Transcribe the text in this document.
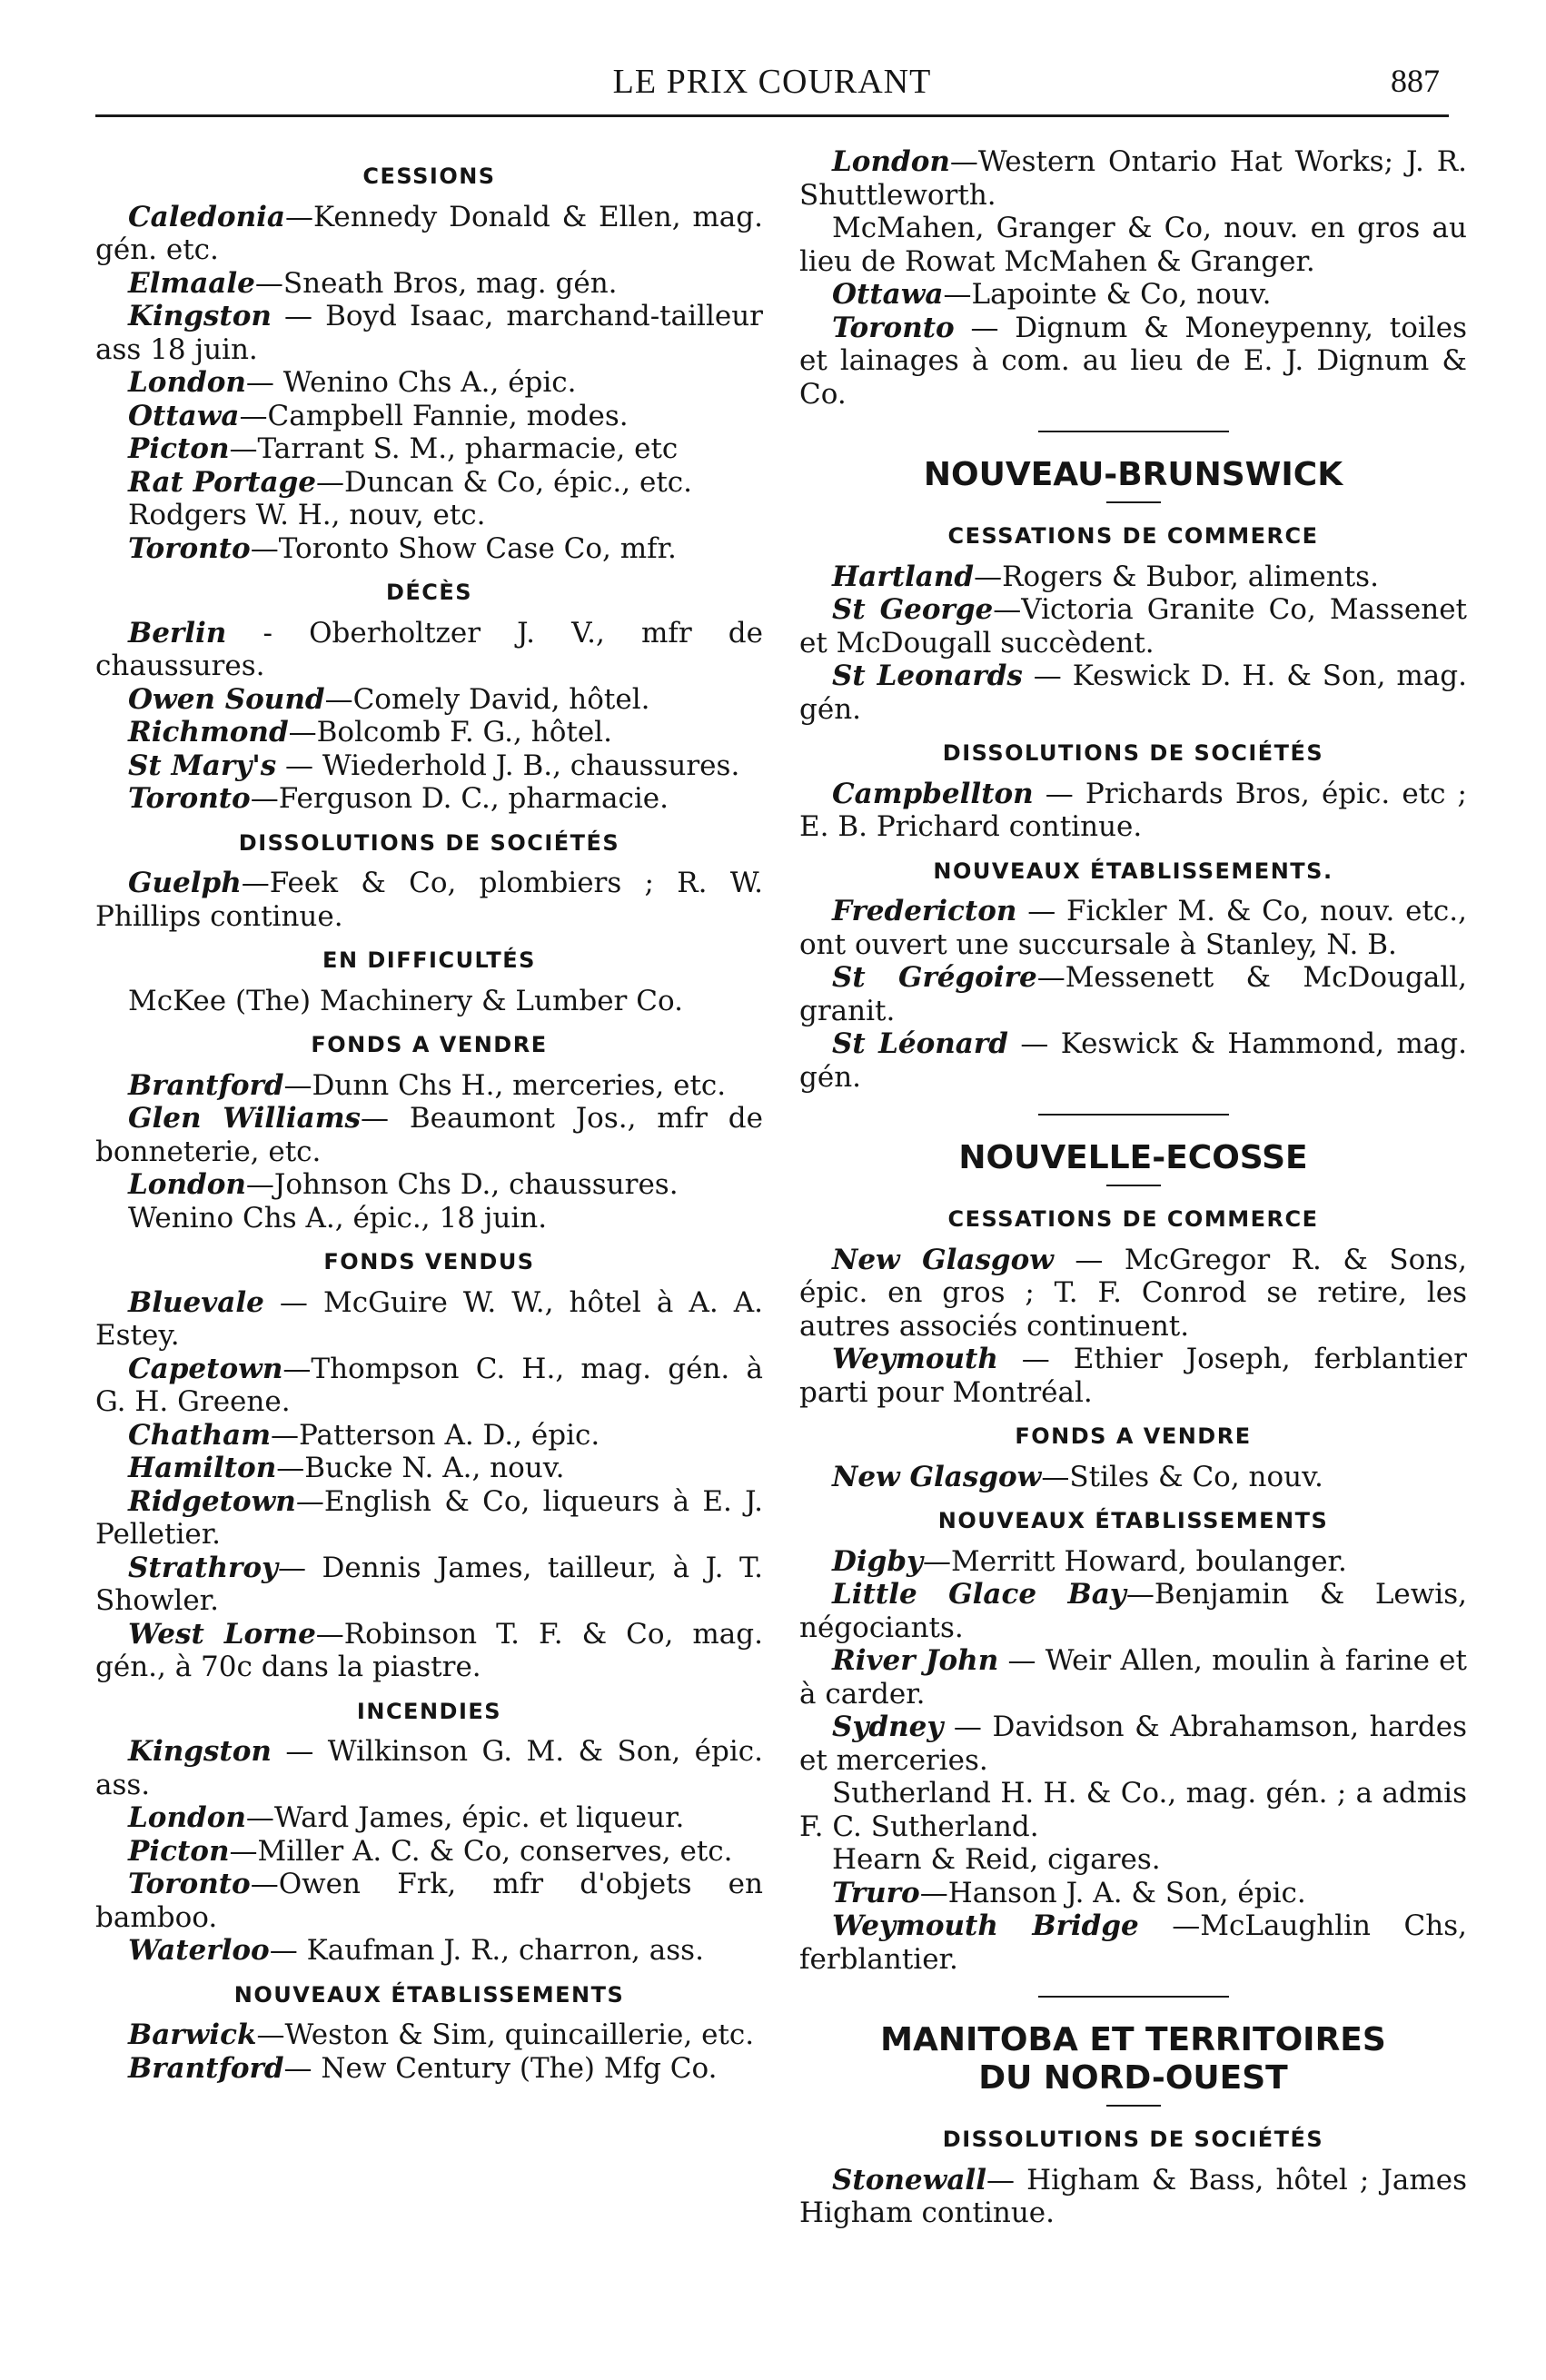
LE PRIX COURANT	887
CESSIONS

Caledonia—Kennedy Donald & Ellen, mag. gén. etc.

Elmaale—Sneath Bros, mag. gén.

Kingston — Boyd Isaac, marchand-tailleur ass 18 juin.

London— Wenino Chs A., épic.

Ottawa—Campbell Fannie, modes.

Picton—Tarrant S. M., pharmacie, etc

Rat Portage—Duncan & Co, épic., etc.

Rodgers W. H., nouv, etc.

Toronto—Toronto Show Case Co, mfr.

DÉCÈS

Berlin - Oberholtzer J. V., mfr de chaussures.

Owen Sound—Comely David, hôtel.

Richmond—Bolcomb F. G., hôtel.

St Mary's — Wiederhold J. B., chaussures.

Toronto—Ferguson D. C., pharmacie.

DISSOLUTIONS DE SOCIÉTÉS

Guelph—Feek & Co, plombiers ; R. W. Phillips continue.

EN DIFFICULTÉS

McKee (The) Machinery & Lumber Co.

FONDS A VENDRE

Brantford—Dunn Chs H., merceries, etc.

Glen Williams— Beaumont Jos., mfr de bonneterie, etc.

London—Johnson Chs D., chaussures.

Wenino Chs A., épic., 18 juin.

FONDS VENDUS

Bluevale — McGuire W. W., hôtel à A. A. Estey.

Capetown—Thompson C. H., mag. gén. à G. H. Greene.

Chatham—Patterson A. D., épic.

Hamilton—Bucke N. A., nouv.

Ridgetown—English & Co, liqueurs à E. J. Pelletier.

Strathroy— Dennis James, tailleur, à J. T. Showler.

West Lorne—Robinson T. F. & Co, mag. gén., à 70c dans la piastre.

INCENDIES

Kingston — Wilkinson G. M. & Son, épic. ass.

London—Ward James, épic. et liqueur.

Picton—Miller A. C. & Co, conserves, etc.

Toronto—Owen Frk, mfr d'objets en bamboo.

Waterloo— Kaufman J. R., charron, ass.

NOUVEAUX ÉTABLISSEMENTS

Barwick—Weston & Sim, quincaillerie, etc.

Brantford— New Century (The) Mfg Co.

London—Western Ontario Hat Works; J. R. Shuttleworth.

McMahen, Granger & Co, nouv. en gros au lieu de Rowat McMahen & Granger.

Ottawa—Lapointe & Co, nouv.

Toronto — Dignum & Moneypenny, toiles et lainages à com. au lieu de E. J. Dignum & Co.

NOUVEAU-BRUNSWICK
CESSATIONS DE COMMERCE

Hartland—Rogers & Bubor, aliments.

St George—Victoria Granite Co, Massenet et McDougall succèdent.

St Leonards — Keswick D. H. & Son, mag. gén.

DISSOLUTIONS DE SOCIÉTÉS

Campbellton — Prichards Bros, épic. etc ; E. B. Prichard continue.

NOUVEAUX ÉTABLISSEMENTS.

Fredericton — Fickler M. & Co, nouv. etc., ont ouvert une succursale à Stanley, N. B.

St Grégoire—Messenett & McDougall, granit.

St Léonard — Keswick & Hammond, mag. gén.

NOUVELLE-ECOSSE
CESSATIONS DE COMMERCE

New Glasgow — McGregor R. & Sons, épic. en gros ; T. F. Conrod se retire, les autres associés continuent.

Weymouth — Ethier Joseph, ferblantier parti pour Montréal.

FONDS A VENDRE

New Glasgow—Stiles & Co, nouv.

NOUVEAUX ÉTABLISSEMENTS

Digby—Merritt Howard, boulanger.

Little Glace Bay—Benjamin & Lewis, négociants.

River John — Weir Allen, moulin à farine et à carder.

Sydney — Davidson & Abrahamson, hardes et merceries.

Sutherland H. H. & Co., mag. gén. ; a admis F. C. Sutherland.

Hearn & Reid, cigares.

Truro—Hanson J. A. & Son, épic.

Weymouth Bridge —McLaughlin Chs, ferblantier.

MANITOBA ET TERRITOIRES
DU NORD-OUEST
DISSOLUTIONS DE SOCIÉTÉS

Stonewall— Higham & Bass, hôtel ; James Higham continue.
